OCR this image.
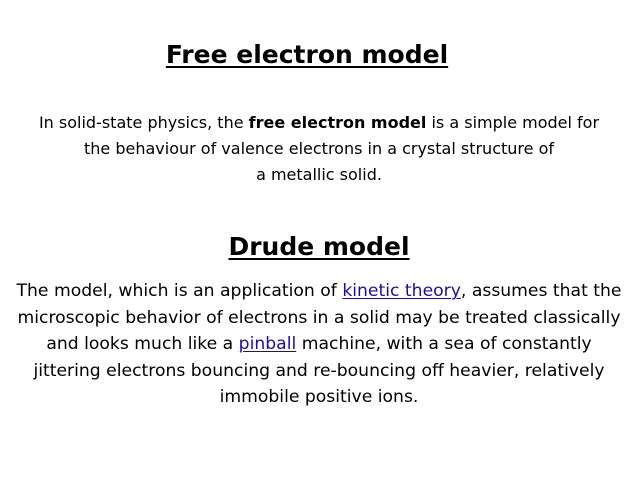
Free electron model
In solid-state physics, the free electron model is a simple model for
the behaviour of valence electrons in a crystal structure of
a metallic solid.
Drude model
The model, which is an application of kinetic theory, assumes that the
microscopic behavior of electrons in a solid may be treated classically
and looks much like a pinball machine, with a sea of constantly
jittering electrons bouncing and re-bouncing off heavier, relatively
immobile positive ions.
